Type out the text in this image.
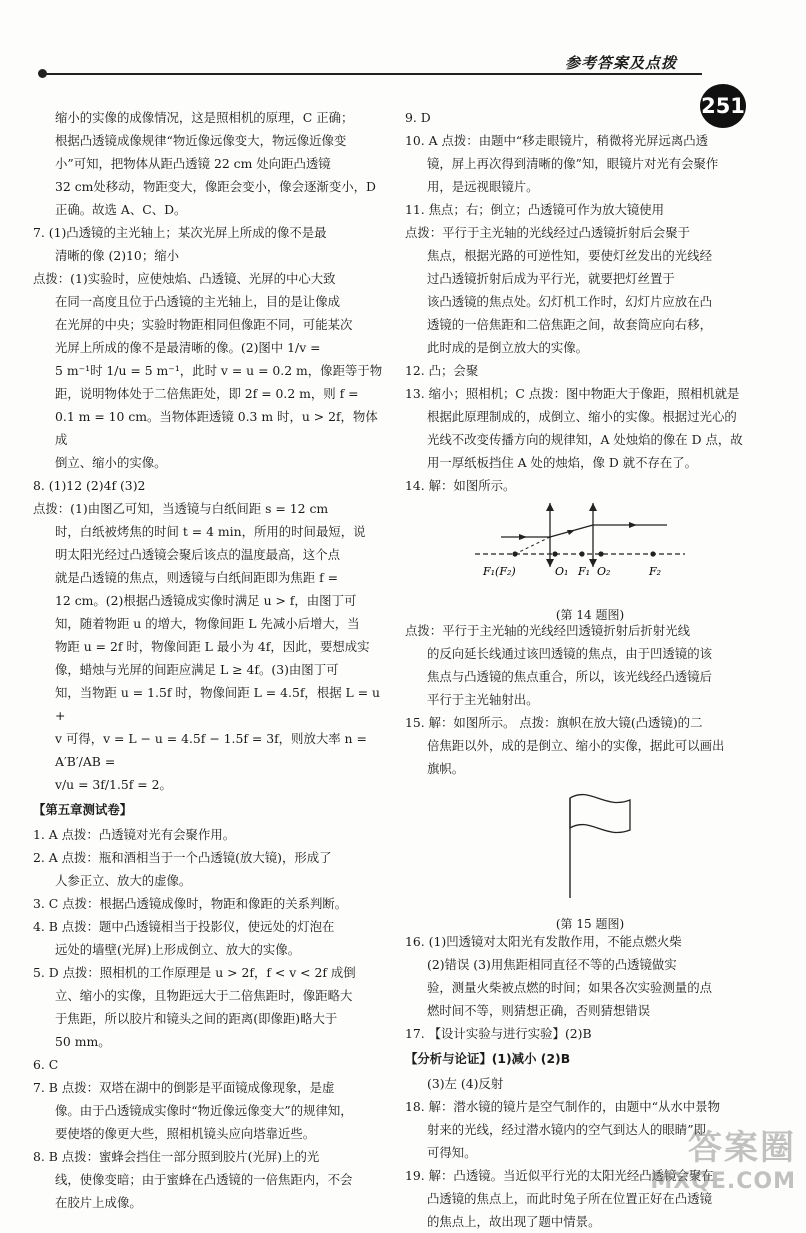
参考答案及点拨
251
缩小的实像的成像情况，这是照相机的原理，C 正确；
根据凸透镜成像规律“物近像远像变大，物远像近像变
小”可知，把物体从距凸透镜 22 cm 处向距凸透镜
32 cm处移动，物距变大，像距会变小，像会逐渐变小，D
正确。故选 A、C、D。
7. (1)凸透镜的主光轴上；某次光屏上所成的像不是最
清晰的像 (2)10；缩小
点拨：(1)实验时，应使烛焰、凸透镜、光屏的中心大致
在同一高度且位于凸透镜的主光轴上，目的是让像成
在光屏的中央；实验时物距相同但像距不同，可能某次
光屏上所成的像不是最清晰的像。(2)图中 1/v =
5 m⁻¹时 1/u = 5 m⁻¹，此时 v = u = 0.2 m，像距等于物
距，说明物体处于二倍焦距处，即 2f = 0.2 m，则 f =
0.1 m = 10 cm。当物体距透镜 0.3 m 时，u > 2f，物体成
倒立、缩小的实像。
8. (1)12 (2)4f (3)2
点拨：(1)由图乙可知，当透镜与白纸间距 s = 12 cm
时，白纸被烤焦的时间 t = 4 min，所用的时间最短，说
明太阳光经过凸透镜会聚后该点的温度最高，这个点
就是凸透镜的焦点，则透镜与白纸间距即为焦距 f =
12 cm。(2)根据凸透镜成实像时满足 u > f，由图丁可
知，随着物距 u 的增大，物像间距 L 先减小后增大，当
物距 u = 2f 时，物像间距 L 最小为 4f，因此，要想成实
像，蜡烛与光屏的间距应满足 L ≥ 4f。(3)由图丁可
知，当物距 u = 1.5f 时，物像间距 L = 4.5f，根据 L = u +
v 可得，v = L − u = 4.5f − 1.5f = 3f，则放大率 n = A′B′/AB =
v/u = 3f/1.5f = 2。
【第五章测试卷】
1. A 点拨：凸透镜对光有会聚作用。
2. A 点拨：瓶和酒相当于一个凸透镜(放大镜)，形成了
人参正立、放大的虚像。
3. C 点拨：根据凸透镜成像时，物距和像距的关系判断。
4. B 点拨：题中凸透镜相当于投影仪，使远处的灯泡在
远处的墙壁(光屏)上形成倒立、放大的实像。
5. D 点拨：照相机的工作原理是 u > 2f，f < v < 2f 成倒
立、缩小的实像，且物距远大于二倍焦距时，像距略大
于焦距，所以胶片和镜头之间的距离(即像距)略大于
50 mm。
6. C
7. B 点拨：双塔在湖中的倒影是平面镜成像现象，是虚
像。由于凸透镜成实像时“物近像远像变大”的规律知，
要使塔的像更大些，照相机镜头应向塔靠近些。
8. B 点拨：蜜蜂会挡住一部分照到胶片(光屏)上的光
线，使像变暗；由于蜜蜂在凸透镜的一倍焦距内，不会
在胶片上成像。
9. D
10. A 点拨：由题中“移走眼镜片，稍微将光屏远离凸透
镜，屏上再次得到清晰的像”知，眼镜片对光有会聚作
用，是远视眼镜片。
11. 焦点；右；倒立；凸透镜可作为放大镜使用
点拨：平行于主光轴的光线经过凸透镜折射后会聚于
焦点，根据光路的可逆性知，要使灯丝发出的光线经
过凸透镜折射后成为平行光，就要把灯丝置于
该凸透镜的焦点处。幻灯机工作时，幻灯片应放在凸
透镜的一倍焦距和二倍焦距之间，故套筒应向右移，
此时成的是倒立放大的实像。
12. 凸；会聚
13. 缩小；照相机；C 点拨：图中物距大于像距，照相机就是
根据此原理制成的，成倒立、缩小的实像。根据过光心的
光线不改变传播方向的规律知，A 处烛焰的像在 D 点，故
用一厚纸板挡住 A 处的烛焰，像 D 就不存在了。
14. 解：如图所示。
F₁(F₂)	O₁ F₁ O₂	F₂
(第 14 题图)
点拨：平行于主光轴的光线经凹透镜折射后折射光线
的反向延长线通过该凹透镜的焦点，由于凹透镜的该
焦点与凸透镜的焦点重合，所以，该光线经凸透镜后
平行于主光轴射出。
15. 解：如图所示。 点拨：旗帜在放大镜(凸透镜)的二
倍焦距以外，成的是倒立、缩小的实像，据此可以画出
旗帜。
(第 15 题图)
16. (1)凹透镜对太阳光有发散作用，不能点燃火柴
(2)错误 (3)用焦距相同直径不等的凸透镜做实
验，测量火柴被点燃的时间；如果各次实验测量的点
燃时间不等，则猜想正确，否则猜想错误
17. 【设计实验与进行实验】(2)B
【分析与论证】(1)减小 (2)B
(3)左 (4)反射
18. 解：潜水镜的镜片是空气制作的，由题中“从水中景物
射来的光线，经过潜水镜内的空气到达人的眼睛”即
可得知。
19. 解：凸透镜。当近似平行光的太阳光经凸透镜会聚在
凸透镜的焦点上，而此时兔子所在位置正好在凸透镜
的焦点上，故出现了题中情景。
答案圈
MXQE.COM
